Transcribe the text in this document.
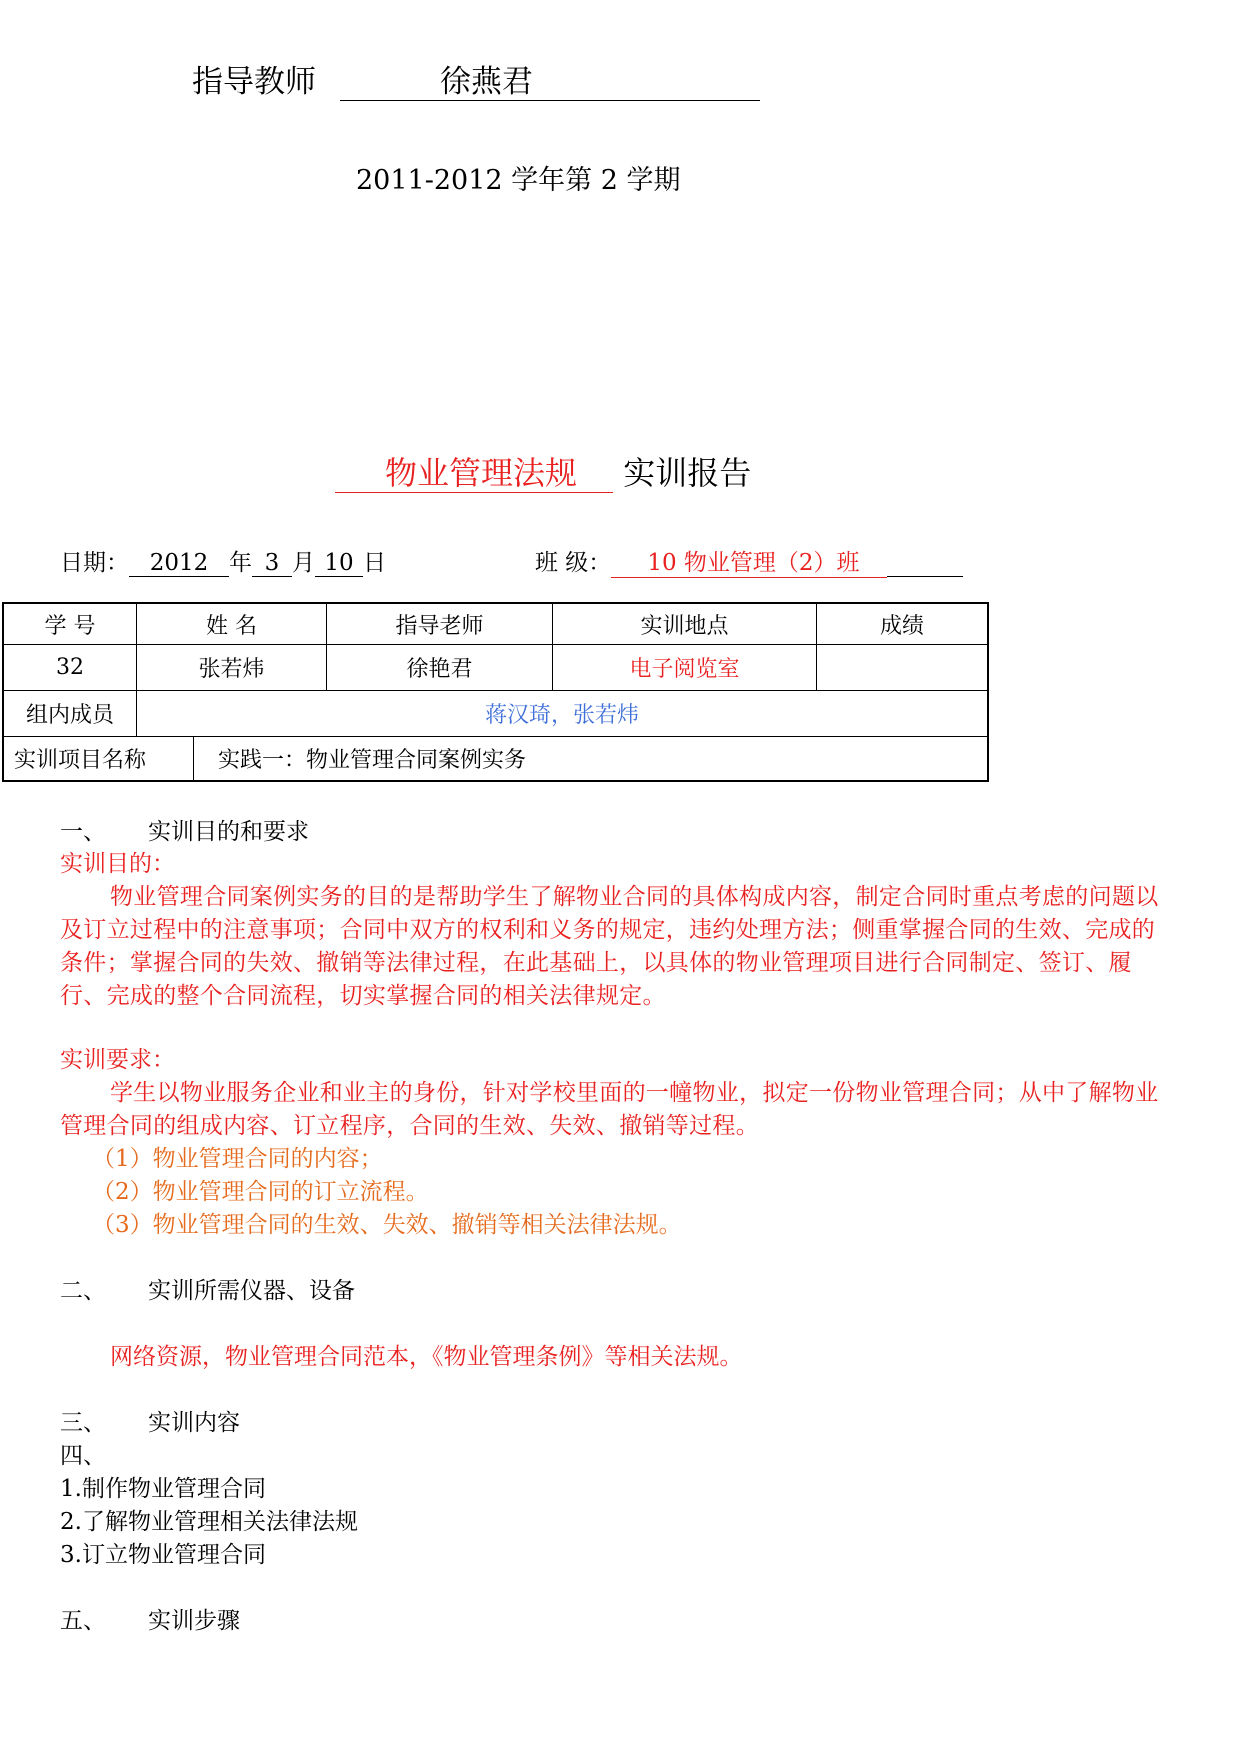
指导教师	徐燕君
2011-2012 学年第 2 学期
物业管理法规 实训报告
日期： 2012 年 3 月 10 日	班 级： 10 物业管理（2）班
学 号	姓 名	指导老师	实训地点	成绩
32	张若炜	徐艳君	电子阅览室
组内成员	蒋汉琦，张若炜
实训项目名称	实践一：物业管理合同案例实务
一、 实训目的和要求
实训目的：
物业管理合同案例实务的目的是帮助学生了解物业合同的具体构成内容，制定合同时重点考虑的问题以及订立过程中的注意事项；合同中双方的权利和义务的规定，违约处理方法；侧重掌握合同的生效、完成的条件；掌握合同的失效、撤销等法律过程，在此基础上，以具体的物业管理项目进行合同制定、签订、履行、完成的整个合同流程，切实掌握合同的相关法律规定。
实训要求：
学生以物业服务企业和业主的身份，针对学校里面的一幢物业，拟定一份物业管理合同；从中了解物业管理合同的组成内容、订立程序，合同的生效、失效、撤销等过程。
（1）物业管理合同的内容；
（2）物业管理合同的订立流程。
（3）物业管理合同的生效、失效、撤销等相关法律法规。
二、 实训所需仪器、设备
网络资源，物业管理合同范本，《物业管理条例》等相关法规。
三、 实训内容
四、
1.制作物业管理合同
2.了解物业管理相关法律法规
3.订立物业管理合同
五、 实训步骤
